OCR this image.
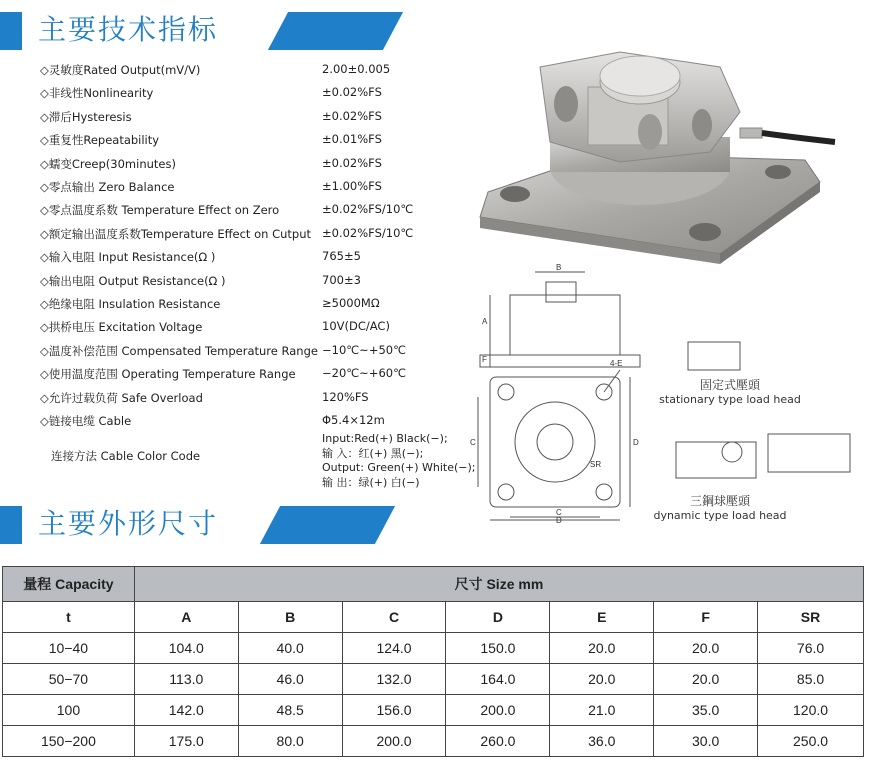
主要技术指标
◇灵敏度Rated Output(mV/V)	2.00±0.005
◇非线性Nonlinearity	±0.02%FS
◇滞后Hysteresis	±0.02%FS
◇重复性Repeatability	±0.01%FS
◇蠕变Creep(30minutes)	±0.02%FS
◇零点输出 Zero Balance	±1.00%FS
◇零点温度系数 Temperature Effect on Zero	±0.02%FS/10℃
◇额定输出温度系数Temperature Effect on Cutput ±0.02%FS/10℃
◇输入电阻 Input Resistance(Ω )	765±5
◇输出电阻 Output Resistance(Ω )	700±3
◇绝缘电阻 Insulation Resistance	≥5000MΩ
◇拱桥电压 Excitation Voltage	10V(DC/AC)
◇温度补偿范围 Compensated Temperature Range −10℃~+50℃
◇使用温度范围 Operating Temperature Range −20℃~+60℃
◇允许过载负荷 Safe Overload	120%FS
◇链接电缆 Cable	Φ5.4×12m
连接方法 Cable Color Code
Input:Red(+) Black(−);
输 入：红(+) 黑(−);
Output: Green(+) White(−);
输 出：绿(+) 白(−)
B
A
F
C	D
C
D
4-E
SR
固定式壓頭
stationary type load head
三鋼球壓頭
dynamic type load head
主要外形尺寸
量程 Capacity	尺寸 Size mm						
t	A	B	C	D	E	F	SR
10−40	104.0	40.0	124.0	150.0	20.0	20.0	76.0
50−70	113.0	46.0	132.0	164.0	20.0	20.0	85.0
100	142.0	48.5	156.0	200.0	21.0	35.0	120.0
150−200	175.0	80.0	200.0	260.0	36.0	30.0	250.0
